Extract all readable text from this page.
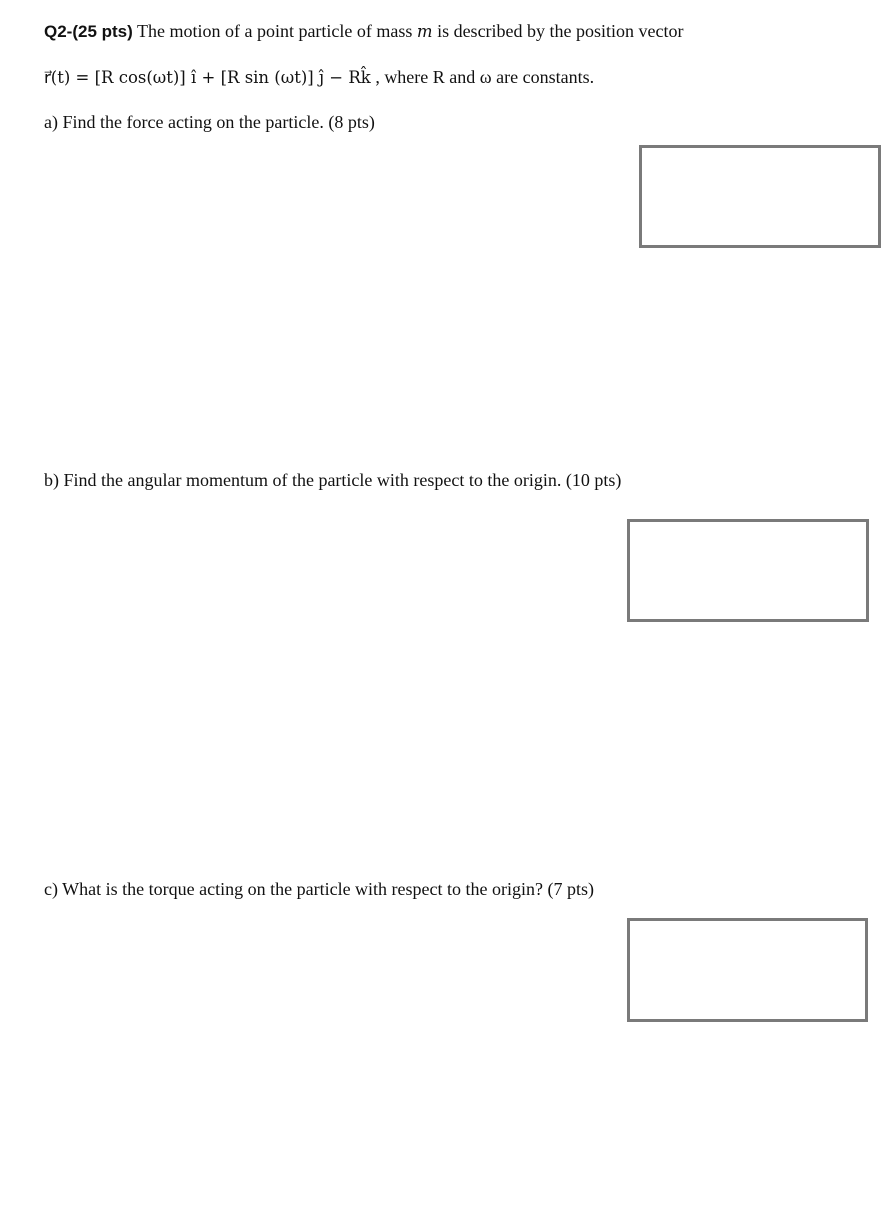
Q2-(25 pts) The motion of a point particle of mass m is described by the position vector
r⃗(t) = [R cos(ωt)] î + [R sin (ωt)] ĵ − Rk̂ , where R and ω are constants.
a) Find the force acting on the particle. (8 pts)
b) Find the angular momentum of the particle with respect to the origin. (10 pts)
c) What is the torque acting on the particle with respect to the origin? (7 pts)
